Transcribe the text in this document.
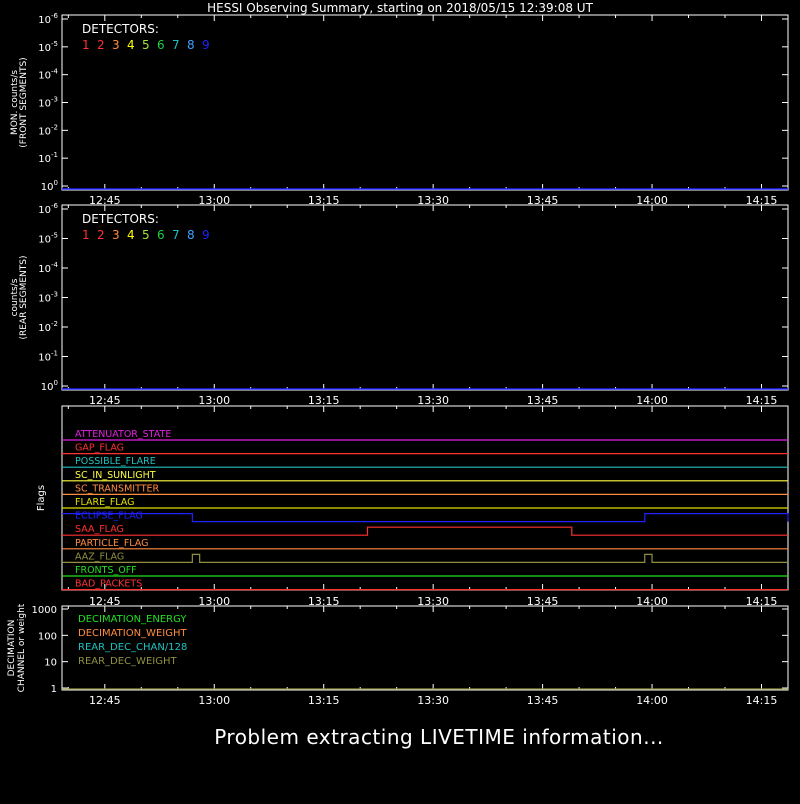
HESSI Observing Summary, starting on 2018/05/15 12:39:08 UT
12:45	13:00	13:15	13:30	13:45	14:00	14:15
$10^0$
$10^{-1}$
$10^{-2}$
$10^{-3}$
$10^{-4}$
$10^{-5}$
$10^{-6}$
MON. counts/s (FRONT SEGMENTS)
DETECTORS:
1 2 3 4 5 6 7 8 9
12:45	13:00	13:15	13:30	13:45	14:00	14:15
$10^0$
$10^{-1}$
$10^{-2}$
$10^{-3}$
$10^{-4}$
$10^{-5}$
$10^{-6}$
counts/s (REAR SEGMENTS)
DETECTORS:
1 2 3 4 5 6 7 8 9
12:45	13:00	13:15	13:30	13:45	14:00	14:15
Flags
ATTENUATOR_STATE
GAP_FLAG
POSSIBLE_FLARE
SC_IN_SUNLIGHT
SC_TRANSMITTER
FLARE_FLAG
ECLIPSE_FLAG
SAA_FLAG
PARTICLE_FLAG
AAZ_FLAG
FRONTS_OFF
BAD_PACKETS
12:45	13:00	13:15	13:30	13:45	14:00	14:15
1
10
100
1000
DECIMATION CHANNEL or weight	DECIMATION_ENERGY
DECIMATION_WEIGHT
REAR_DEC_CHAN/128
REAR_DEC_WEIGHT
Problem extracting LIVETIME information...
